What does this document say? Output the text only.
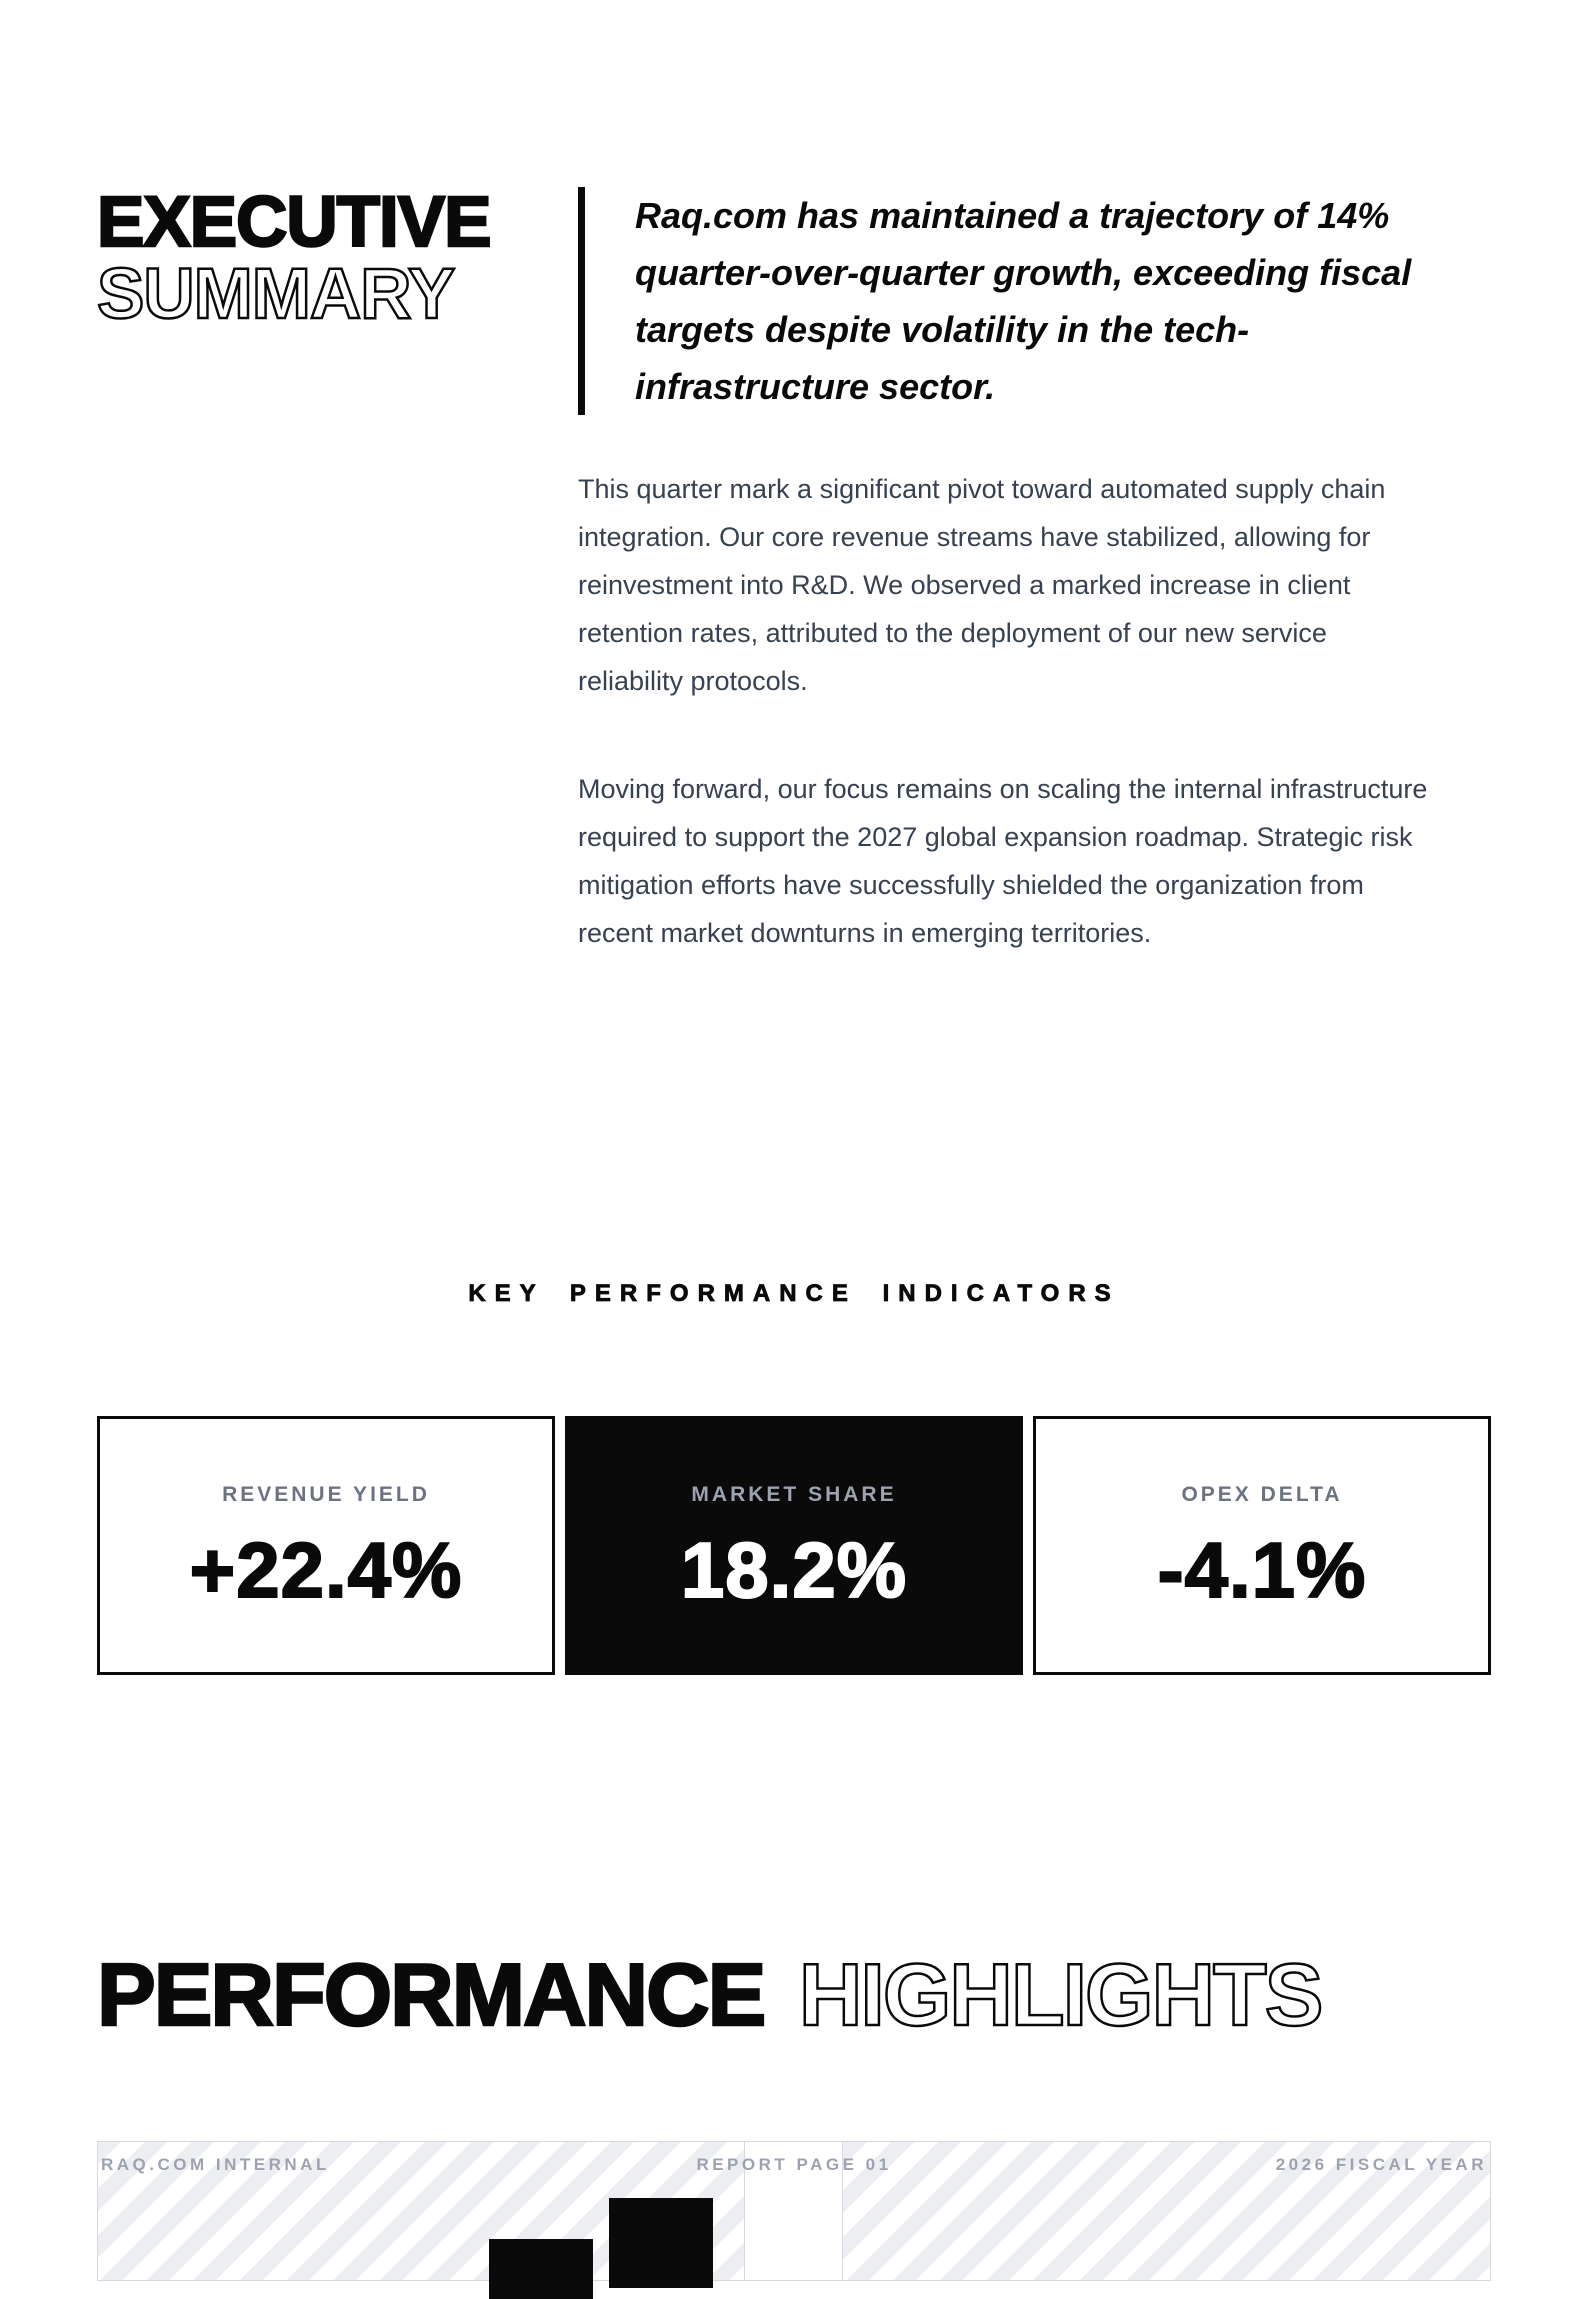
EXECUTIVE
SUMMARY
Raq.com has maintained a trajectory of 14% quarter-over-quarter growth, exceeding fiscal targets despite volatility in the tech-infrastructure sector.

This quarter mark a significant pivot toward automated supply chain integration. Our core revenue streams have stabilized, allowing for reinvestment into R&D. We observed a marked increase in client retention rates, attributed to the deployment of our new service reliability protocols.

Moving forward, our focus remains on scaling the internal infrastructure required to support the 2027 global expansion roadmap. Strategic risk mitigation efforts have successfully shielded the organization from recent market downturns in emerging territories.

KEY PERFORMANCE INDICATORS
REVENUE YIELD
+22.4%
MARKET SHARE
18.2%
OPEX DELTA
-4.1%
PERFORMANCE HIGHLIGHTS
RAQ.COM INTERNAL	REPORT PAGE 01	2026 FISCAL YEAR
